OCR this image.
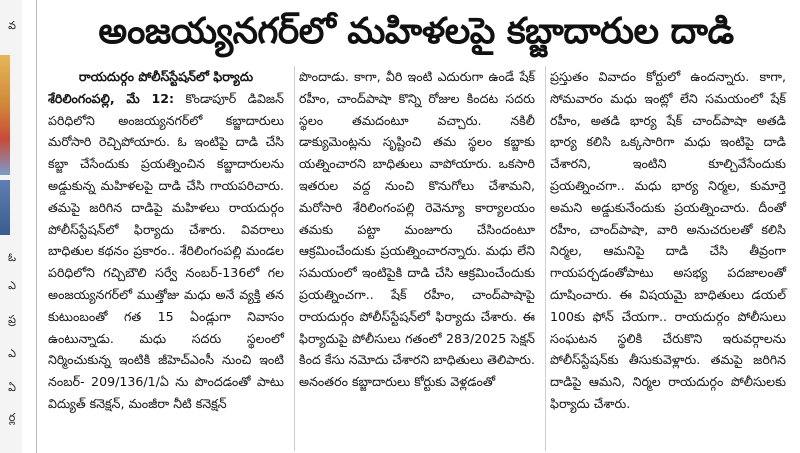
వ
ఓ
ఎ
ప్ర
ఎ
ఏ
ర్ల
అంజయ్యనగర్‌లో మహిళలపై కబ్జాదారుల దాడి
రాయదుర్గం పోలీస్‌స్టేషన్‌లో ఫిర్యాదు

శేరిలింగంపల్లి, మే 12: కొండాపూర్ డివిజన్ పరిధిలోని అంజయ్యనగర్‌లో కబ్జాదారులు మరోసారి రెచ్చిపోయారు. ఓ ఇంటిపై దాడి చేసి కబ్జా చేసేందుకు ప్రయత్నించిన కబ్జాదారులను అడ్డుకున్న మహిళలపై దాడి చేసి గాయపరిచారు. తమపై జరిగిన దాడిపై మహిళలు రాయదుర్గం పోలీస్‌స్టేషన్‌లో ఫిర్యాదు చేశారు. వివరాలు బాధితుల కథనం ప్రకారం.. శేరిలింగంపల్లి మండల పరిధిలోని గచ్చిబౌలి సర్వే నంబర్-136లో గల అంజయ్యనగర్‌లో ముత్తోజు మధు అనే వ్యక్తి తన కుటుంబంతో గత 15 ఏండ్లుగా నివాసం ఉంటున్నాడు. మధు సదరు స్థలంలో నిర్మించుకున్న ఇంటికి జీహెచ్‌ఎంసీ నుంచి ఇంటి నంబర్- 209/136/1/ఏ ను పొందడంతో పాటు విద్యుత్ కనెక్షన్, మంజీరా నీటి కనెక్షన్

పొందాడు. కాగా, వీరి ఇంటి ఎదురుగా ఉండే షేక్ రహీం, చాంద్‌పాషా కొన్ని రోజుల కిందట సదరు స్థలం తమదంటూ వచ్చారు. నకిలీ డాక్యుమెంట్లను సృష్టించి తమ స్థలం కబ్జాకు యత్నించారని బాధితులు వాపోయారు. ఒకసారి ఇతరుల వద్ద నుంచి కొనుగోలు చేశామని, మరోసారి శేరిలింగంపల్లి రెవెన్యూ కార్యాలయం తమకు పట్టా మంజూరు చేసిందంటూ ఆక్రమించేందుకు ప్రయత్నించారన్నారు. మధు లేని సమయంలో ఇంటిపైకి దాడి చేసి ఆక్రమించేందుకు ప్రయత్నించగా.. షేక్ రహీం, చాంద్‌పాషాపై రాయదుర్గం పోలీస్‌స్టేషన్‌లో ఫిర్యాదు చేశారు. ఈ ఫిర్యాదుపై పోలీసులు గతంలో 283/2025 సెక్షన్ కింద కేసు నమోదు చేశారని బాధితులు తెలిపారు. అనంతరం కబ్జాదారులు కోర్టుకు వెళ్లడంతో

ప్రస్తుతం వివాదం కోర్టులో ఉందన్నారు. కాగా, సోమవారం మధు ఇంట్లో లేని సమయంలో షేక్ రహీం, అతడి భార్య షేక్ చాంద్‌పాషా అతడి భార్య కలిసి ఒక్కసారిగా మధు ఇంటిపై దాడి చేశారని, ఇంటిని కూల్చివేసేందుకు ప్రయత్నించగా.. మధు భార్య నిర్మల, కుమార్తె అమని అడ్డుకునేందుకు ప్రయత్నించారు. దీంతో రహీం, చాంద్‌పాషా, వారి అనుచరులతో కలిసి నిర్మల, ఆమనిపై దాడి చేసి తీవ్రంగా గాయపర్చడంతోపాటు అసభ్య పదజాలంతో దూషించారు. ఈ విషయమై బాధితులు డయల్ 100కు ఫోన్ చేయగా.. రాయదుర్గం పోలీసులు సంఘటన స్థలికి చేరుకొని ఇరువర్గాలను పోలీస్‌స్టేషన్‌కు తీసుకువెళ్లారు. తమపై జరిగిన దాడిపై ఆమని, నిర్మల రాయదుర్గం పోలీసులకు ఫిర్యాదు చేశారు.
